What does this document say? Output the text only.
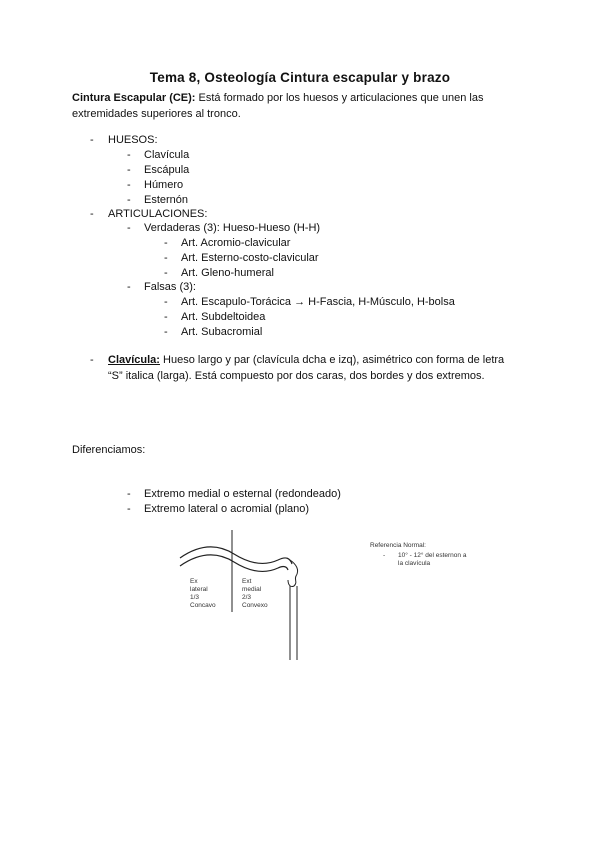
Tema 8, Osteología Cintura escapular y brazo
Cintura Escapular (CE): Está formado por los huesos y articulaciones que unen las extremidades superiores al tronco.
- HUESOS:
- Clavícula
- Escápula
- Húmero
- Esternón
- ARTICULACIONES:
- Verdaderas (3): Hueso-Hueso (H-H)
- Art. Acromio-clavicular
- Art. Esterno-costo-clavicular
- Art. Gleno-humeral
- Falsas (3):
- Art. Escapulo-Torácica → H-Fascia, H-Músculo, H-bolsa
- Art. Subdeltoidea
- Art. Subacromial
- Clavícula: Hueso largo y par (clavícula dcha e izq), asimétrico con forma de letra “S” italica (larga). Está compuesto por dos caras, dos bordes y dos extremos.
Diferenciamos:
- Extremo medial o esternal (redondeado)
- Extremo lateral o acromial (plano)
Ex
lateral
1/3
Concavo
Ext
medial
2/3
Convexo
Referencia Normal:
- 10° - 12° del esternon a
la clavícula
